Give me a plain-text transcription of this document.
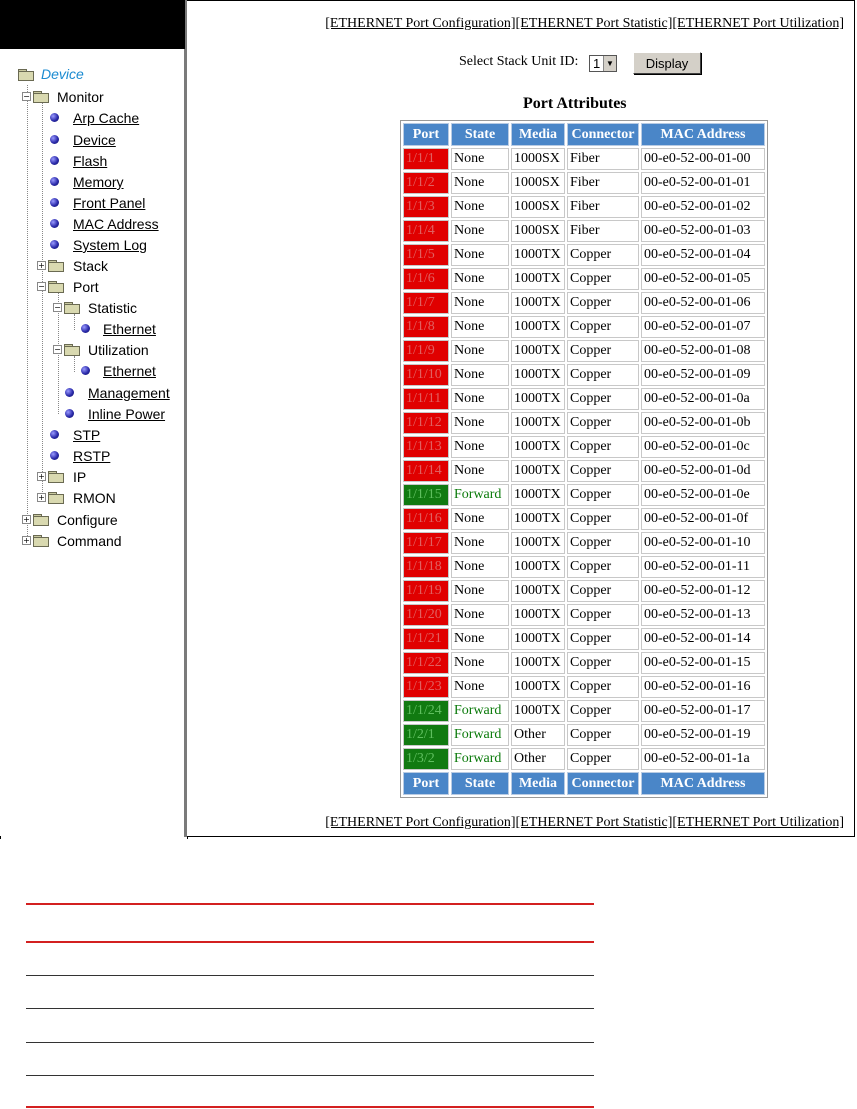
Device
− Monitor
Arp Cache
Device
Flash
Memory
Front Panel
MAC Address
System Log
+ Stack
− Port
− Statistic
Ethernet
− Utilization
Ethernet
Management
Inline Power
STP
RSTP
+ IP
+ RMON
+ Configure
+ Command
[ETHERNET Port Configuration][ETHERNET Port Statistic][ETHERNET Port Utilization]
Select Stack Unit ID: 1 ▼	Display
Port Attributes
Port	State	Media	Connector	MAC Address
1/1/1	None	1000SX	Fiber	00-e0-52-00-01-00
1/1/2	None	1000SX	Fiber	00-e0-52-00-01-01
1/1/3	None	1000SX	Fiber	00-e0-52-00-01-02
1/1/4	None	1000SX	Fiber	00-e0-52-00-01-03
1/1/5	None	1000TX	Copper	00-e0-52-00-01-04
1/1/6	None	1000TX	Copper	00-e0-52-00-01-05
1/1/7	None	1000TX	Copper	00-e0-52-00-01-06
1/1/8	None	1000TX	Copper	00-e0-52-00-01-07
1/1/9	None	1000TX	Copper	00-e0-52-00-01-08
1/1/10	None	1000TX	Copper	00-e0-52-00-01-09
1/1/11	None	1000TX	Copper	00-e0-52-00-01-0a
1/1/12	None	1000TX	Copper	00-e0-52-00-01-0b
1/1/13	None	1000TX	Copper	00-e0-52-00-01-0c
1/1/14	None	1000TX	Copper	00-e0-52-00-01-0d
1/1/15	Forward	1000TX	Copper	00-e0-52-00-01-0e
1/1/16	None	1000TX	Copper	00-e0-52-00-01-0f
1/1/17	None	1000TX	Copper	00-e0-52-00-01-10
1/1/18	None	1000TX	Copper	00-e0-52-00-01-11
1/1/19	None	1000TX	Copper	00-e0-52-00-01-12
1/1/20	None	1000TX	Copper	00-e0-52-00-01-13
1/1/21	None	1000TX	Copper	00-e0-52-00-01-14
1/1/22	None	1000TX	Copper	00-e0-52-00-01-15
1/1/23	None	1000TX	Copper	00-e0-52-00-01-16
1/1/24	Forward	1000TX	Copper	00-e0-52-00-01-17
1/2/1	Forward	Other	Copper	00-e0-52-00-01-19
1/3/2	Forward	Other	Copper	00-e0-52-00-01-1a
Port	State	Media	Connector	MAC Address
[ETHERNET Port Configuration][ETHERNET Port Statistic][ETHERNET Port Utilization]
